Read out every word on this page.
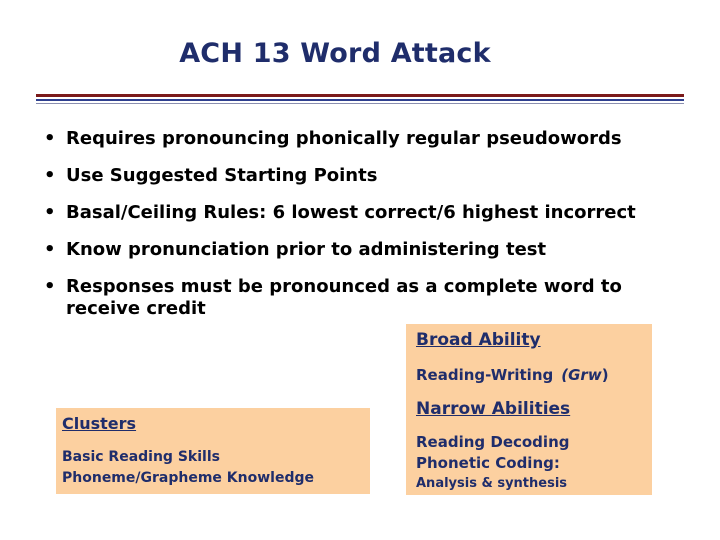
ACH 13 Word Attack
• Requires pronouncing phonically regular pseudowords
• Use Suggested Starting Points
• Basal/Ceiling Rules: 6 lowest correct/6 highest incorrect
• Know pronunciation prior to administering test
• Responses must be pronounced as a complete word to receive credit
Broad Ability
Reading-Writing (Grw)
Narrow Abilities
Reading Decoding
Phonetic Coding:
Analysis & synthesis
Clusters
Basic Reading Skills
Phoneme/Grapheme Knowledge
